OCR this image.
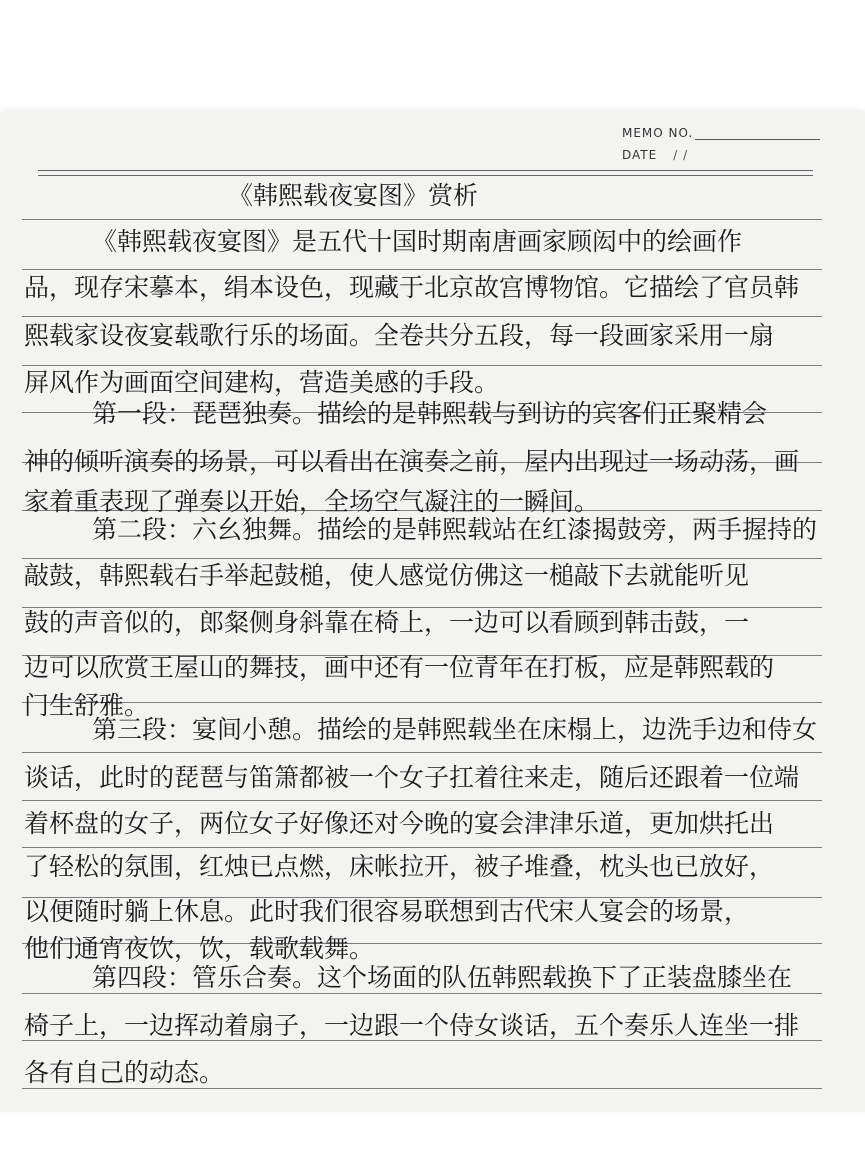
MEMO NO.
DATE / /
《韩熙载夜宴图》赏析
《韩熙载夜宴图》是五代十国时期南唐画家顾闳中的绘画作
品，现存宋摹本，绢本设色，现藏于北京故宫博物馆。它描绘了官员韩
熙载家设夜宴载歌行乐的场面。全卷共分五段，每一段画家采用一扇
屏风作为画面空间建构，营造美感的手段。
第一段：琵琶独奏。描绘的是韩熙载与到访的宾客们正聚精会
神的倾听演奏的场景，可以看出在演奏之前，屋内出现过一场动荡，画
家着重表现了弹奏以开始，全场空气凝注的一瞬间。
第二段：六幺独舞。描绘的是韩熙载站在红漆揭鼓旁，两手握持的
敲鼓，韩熙载右手举起鼓槌，使人感觉仿佛这一槌敲下去就能听见
鼓的声音似的，郎粲侧身斜靠在椅上，一边可以看顾到韩击鼓，一
边可以欣赏王屋山的舞技，画中还有一位青年在打板，应是韩熙载的
门生舒雅。
第三段：宴间小憩。描绘的是韩熙载坐在床榻上，边洗手边和侍女
谈话，此时的琵琶与笛箫都被一个女子扛着往来走，随后还跟着一位端
着杯盘的女子，两位女子好像还对今晚的宴会津津乐道，更加烘托出
了轻松的氛围，红烛已点燃，床帐拉开，被子堆叠，枕头也已放好，
以便随时躺上休息。此时我们很容易联想到古代宋人宴会的场景，
他们通宵夜饮，饮，载歌载舞。
第四段：管乐合奏。这个场面的队伍韩熙载换下了正装盘膝坐在
椅子上，一边挥动着扇子，一边跟一个侍女谈话，五个奏乐人连坐一排
各有自己的动态。
